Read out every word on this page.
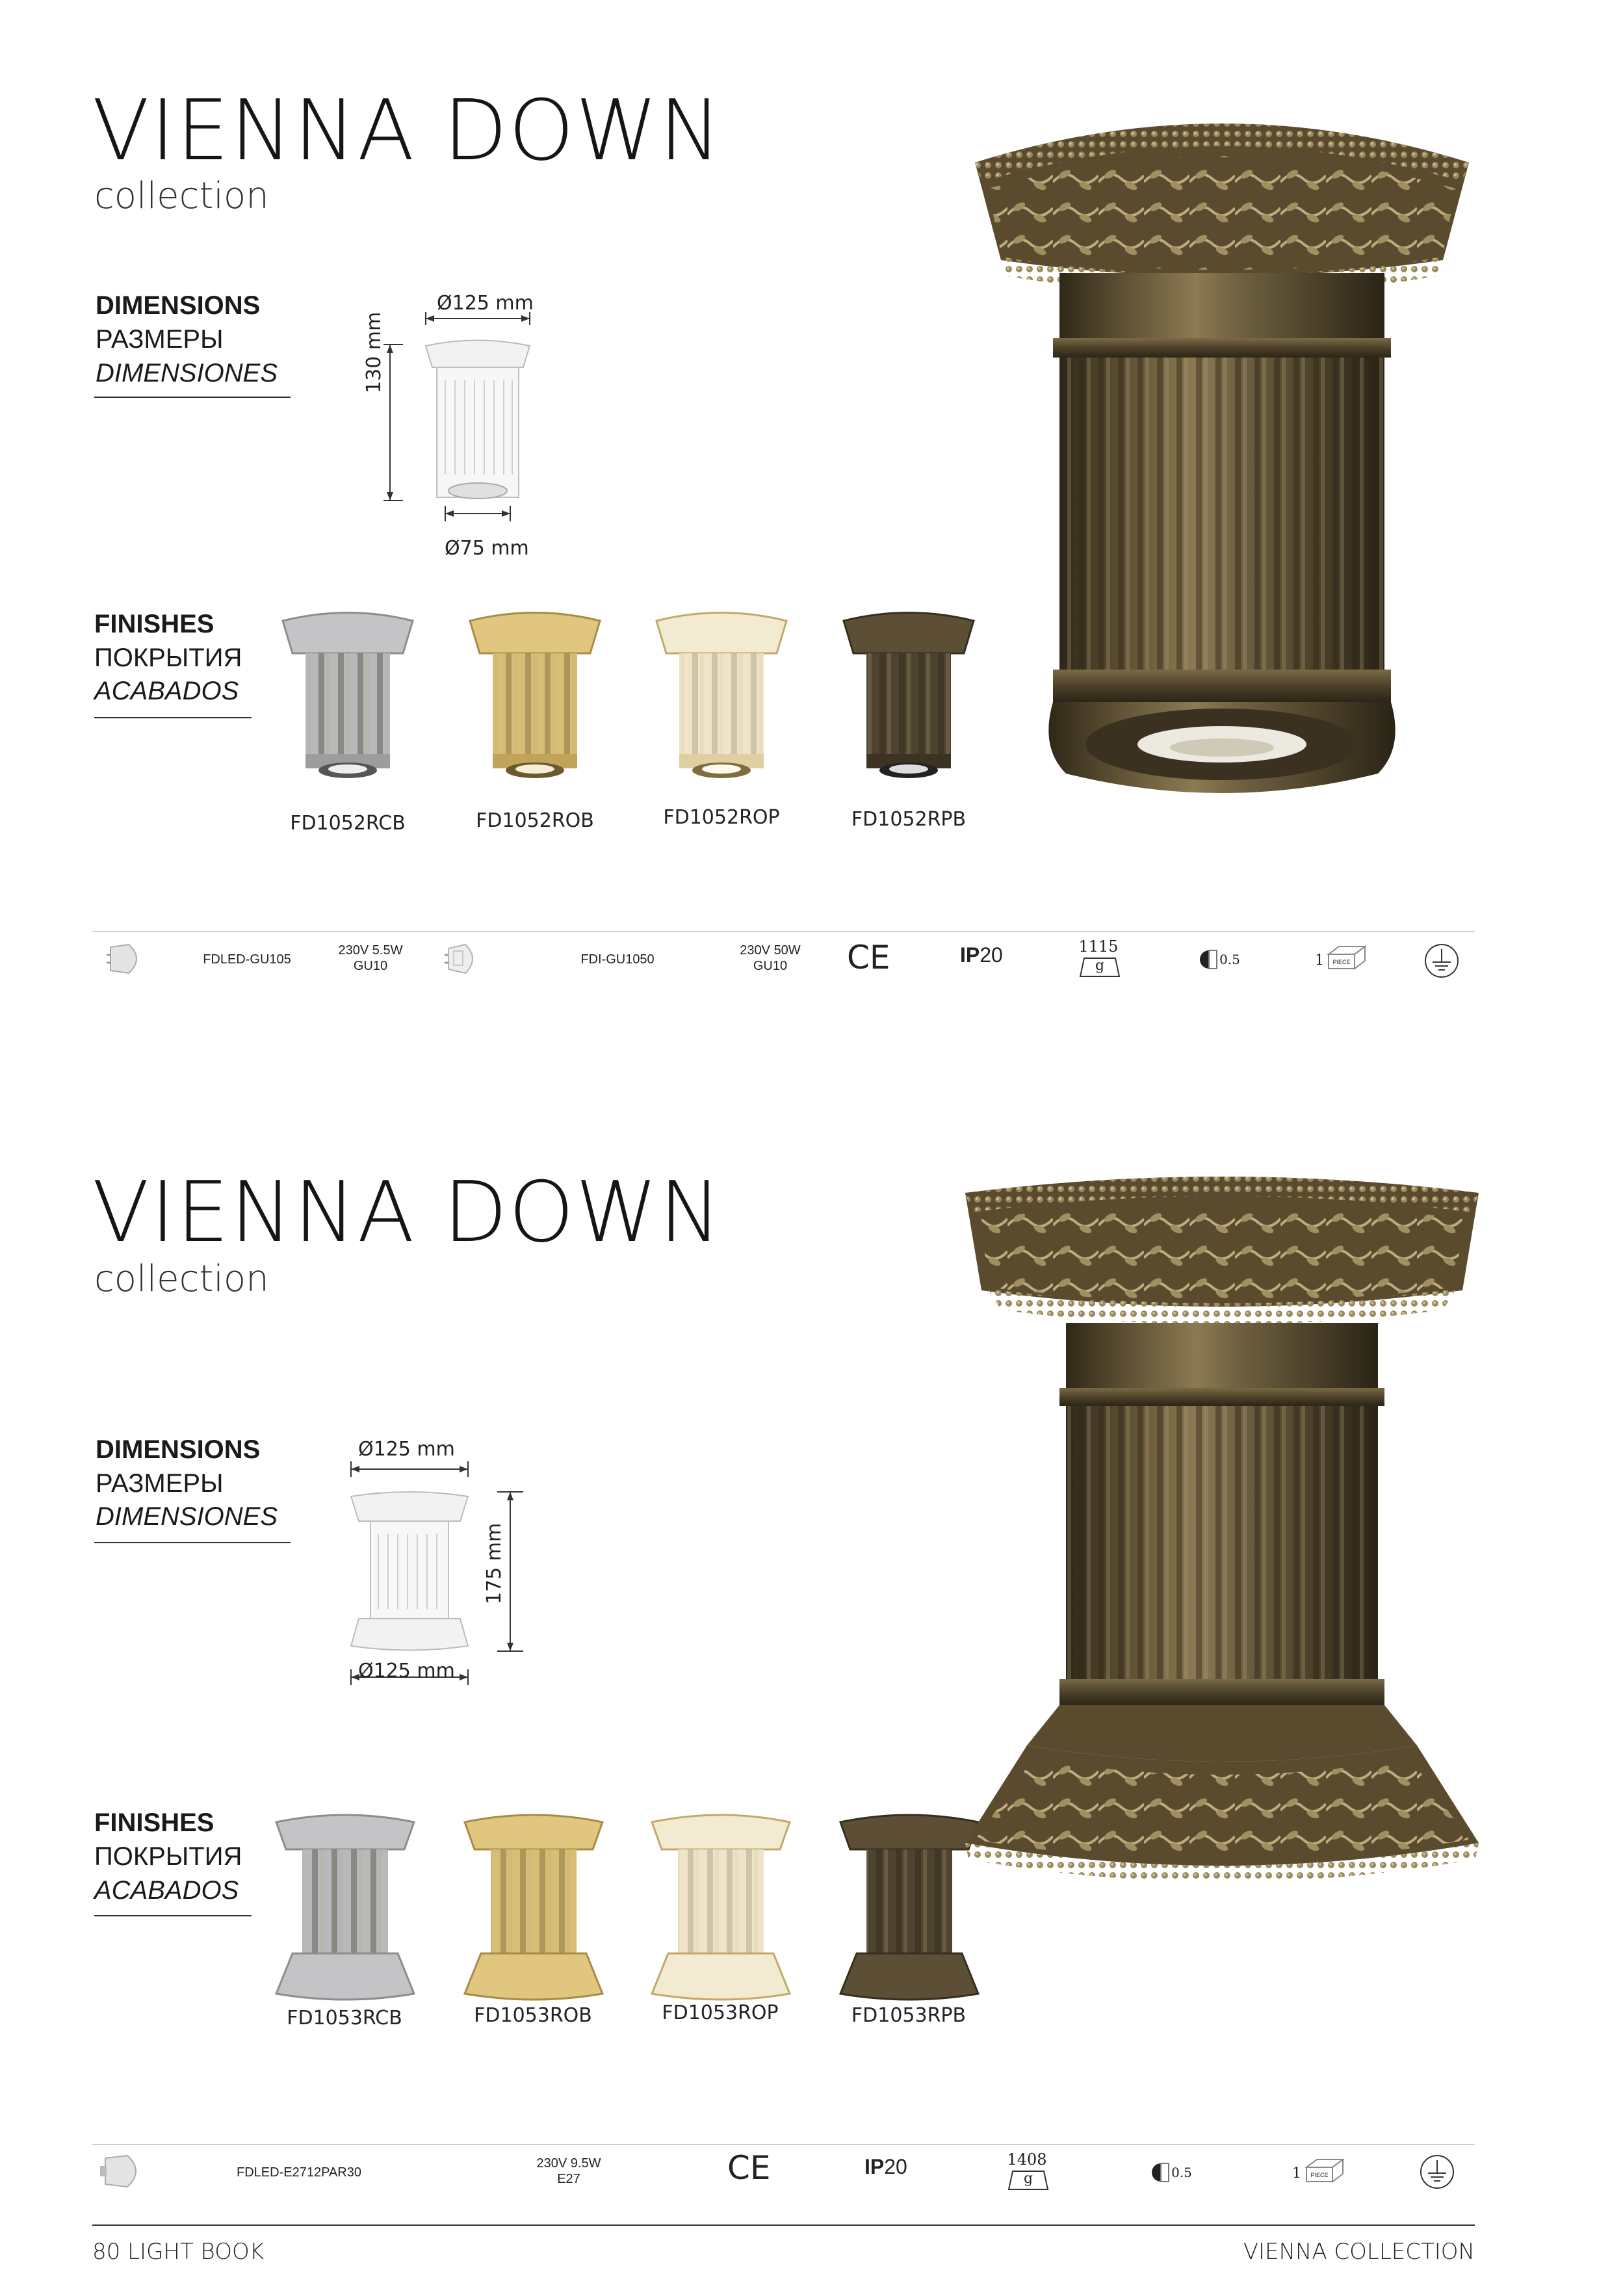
VIENNA DOWN
collection
DIMENSIONS
РАЗМЕРЫ
DIMENSIONES
Ø125 mm
130 mm
Ø75 mm
FINISHES
ПОКРЫТИЯ
ACABADOS
FD1052RCB	FD1052ROB	FD1052ROP	FD1052RPB
FDLED-GU105
230V 5.5W
GU10	FDI-GU1050
230V 50W
GU10	CE	IP20	1115
g	0.5	1	PIECE
VIENNA DOWN
collection
DIMENSIONS
РАЗМЕРЫ
DIMENSIONES
Ø125 mm
175 mm
Ø125 mm
FINISHES
ПОКРЫТИЯ
ACABADOS
FD1053RCB	FD1053ROB	FD1053ROP	FD1053RPB
FDLED-E2712PAR30
230V 9.5W
E27	CE	IP20	1408
g	0.5	1	PIECE
80 LIGHT BOOK	VIENNA COLLECTION
